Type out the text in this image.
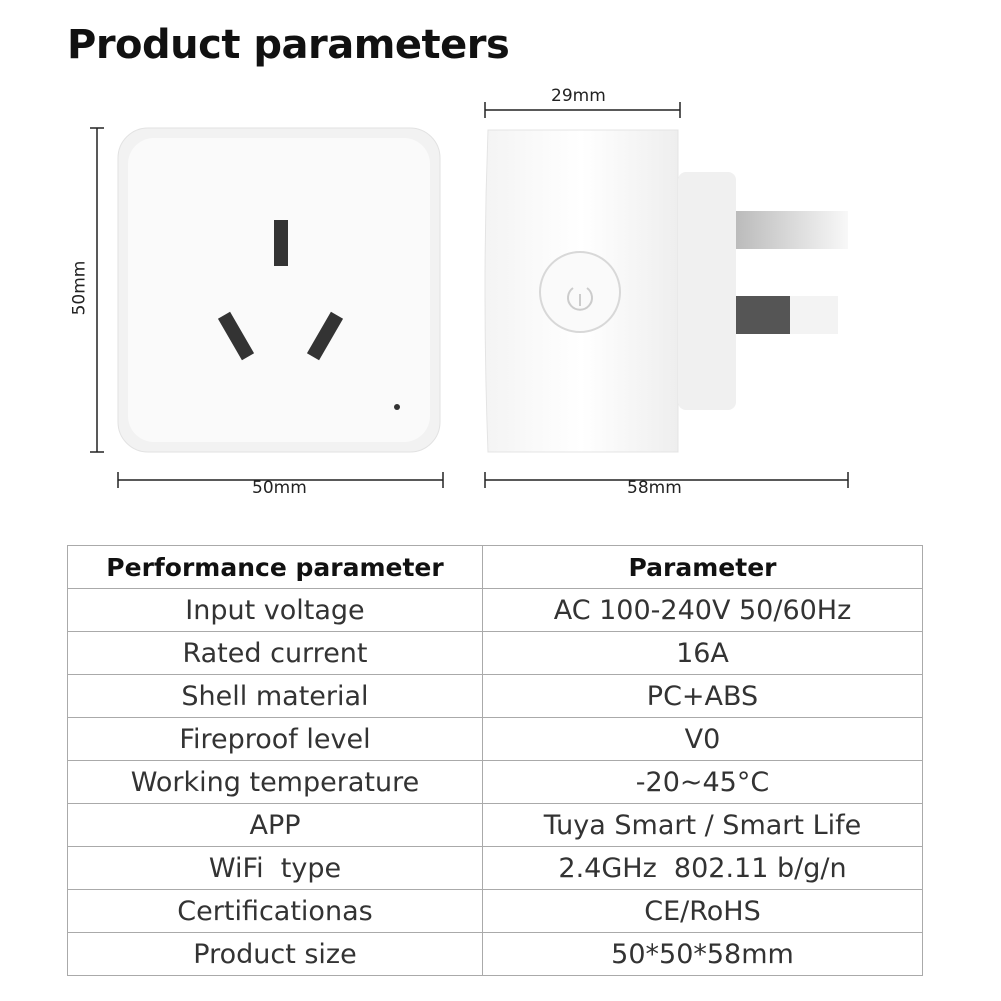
Product parameters
50mm
50mm
29mm
58mm
Performance parameter	Parameter
Input voltage	AC 100-240V 50/60Hz
Rated current	16A
Shell material	PC+ABS
Fireproof level	V0
Working temperature	-20~45°C
APP	Tuya Smart / Smart Life
WiFi  type	2.4GHz  802.11 b/g/n
Certificationas	CE/RoHS
Product size	50*50*58mm
